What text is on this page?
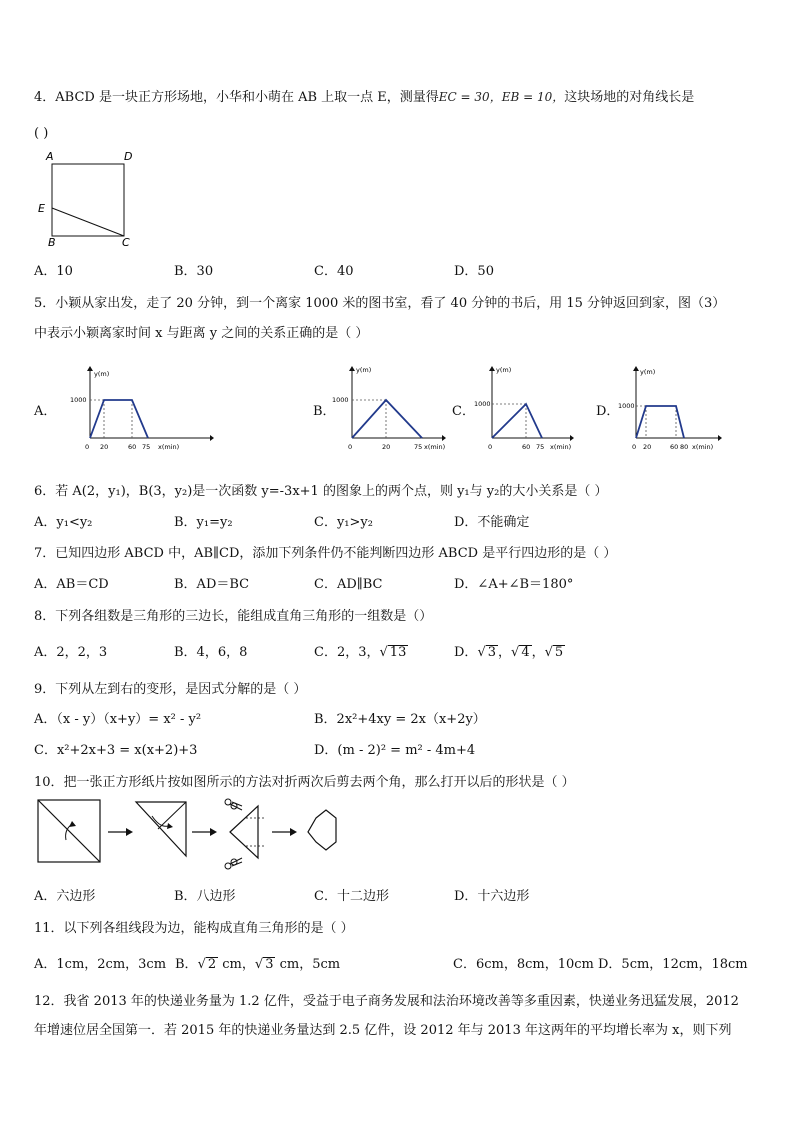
4．ABCD 是一块正方形场地，小华和小萌在 AB 上取一点 E，测量得EC = 30，EB = 10，这块场地的对角线长是
( )
A	D
E
B	C
A．10	B．30	C．40	D．50
5．小颖从家出发，走了 20 分钟，到一个离家 1000 米的图书室，看了 40 分钟的书后，用 15 分钟返回到家，图（3）
中表示小颖离家时间 x 与距离 y 之间的关系正确的是（ ）
A．	B．	C．	D．
y(m)
1000
0 20	60 75 x(min)
y(m)
1000
0	20	75 x(min)
y(m)
1000
0	60 75 x(min)
y(m)
1000
0 20	60 80 x(min)
6．若 A(2，y₁)，B(3，y₂)是一次函数 y=-3x+1 的图象上的两个点，则 y₁与 y₂的大小关系是（ ）
A．y₁<y₂	B．y₁=y₂	C．y₁>y₂	D．不能确定
7．已知四边形 ABCD 中，AB∥CD，添加下列条件仍不能判断四边形 ABCD 是平行四边形的是（ ）
A．AB＝CD	B．AD＝BC	C．AD∥BC	D．∠A+∠B＝180°
8．下列各组数是三角形的三边长，能组成直角三角形的一组数是（）
A．2，2，3	B．4，6，8	C．2，3，√ 13	D．√ 3 ，√ 4 ，√ 5
9．下列从左到右的变形，是因式分解的是（ ）
A．（x - y）（x+y）= x² - y²	B．2x²+4xy = 2x（x+2y）
C．x²+2x+3 = x(x+2)+3	D．(m - 2)² = m² - 4m+4
10．把一张正方形纸片按如图所示的方法对折两次后剪去两个角，那么打开以后的形状是（ ）
A．六边形	B．八边形	C．十二边形	D．十六边形
11．以下列各组线段为边，能构成直角三角形的是（ ）
A．1cm，2cm，3cm B．√ 2 cm，√ 3 cm，5cm	C．6cm，8cm，10cm D．5cm，12cm，18cm
12．我省 2013 年的快递业务量为 1.2 亿件，受益于电子商务发展和法治环境改善等多重因素，快递业务迅猛发展，2012
年增速位居全国第一．若 2015 年的快递业务量达到 2.5 亿件，设 2012 年与 2013 年这两年的平均增长率为 x，则下列
